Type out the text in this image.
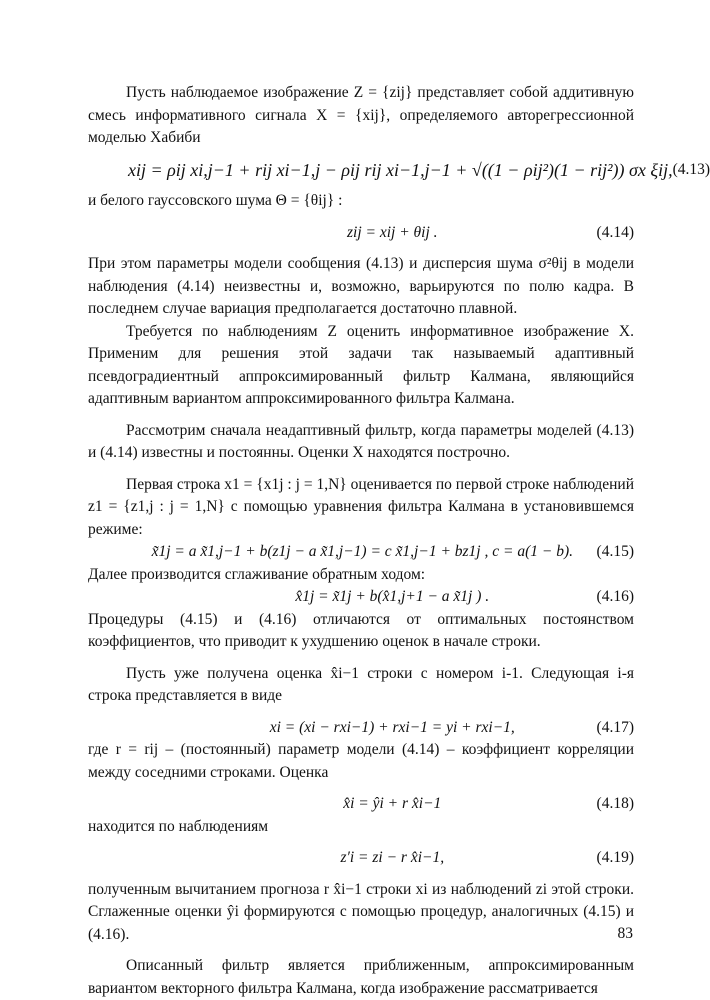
Пусть наблюдаемое изображение Z = {zij} представляет собой аддитивную смесь информативного сигнала X = {xij}, определяемого авторегрессионной моделью Хабиби

xij = ρij xi,j−1 + rij xi−1,j − ρij rij xi−1,j−1 + √((1 − ρij²)(1 − rij²)) σx ξij, (4.13)

и белого гауссовского шума Θ = {θij} :

zij = xij + θij .	(4.14)

При этом параметры модели сообщения (4.13) и дисперсия шума σ²θij в модели наблюдения (4.14) неизвестны и, возможно, варьируются по полю кадра. В последнем случае вариация предполагается достаточно плавной.

Требуется по наблюдениям Z оценить информативное изображение X. Применим для решения этой задачи так называемый адаптивный псевдоградиентный аппроксимированный фильтр Калмана, являющийся адаптивным вариантом аппроксимированного фильтра Калмана.

Рассмотрим сначала неадаптивный фильтр, когда параметры моделей (4.13) и (4.14) известны и постоянны. Оценки X находятся построчно.

Первая строка x1 = {x1j : j = 1,N} оценивается по первой строке наблюдений z1 = {z1,j : j = 1,N} с помощью уравнения фильтра Калмана в установившемся режиме:

x̃1j = a x̃1,j−1 + b(z1j − a x̃1,j−1) = c x̃1,j−1 + bz1j , c = a(1 − b).	(4.15)

Далее производится сглаживание обратным ходом:

x̂1j = x̃1j + b(x̂1,j+1 − a x̃1j ) .	(4.16)

Процедуры (4.15) и (4.16) отличаются от оптимальных постоянством коэффициентов, что приводит к ухудшению оценок в начале строки.

Пусть уже получена оценка x̂i−1 строки с номером i-1. Следующая i-я строка представляется в виде

xi = (xi − rxi−1) + rxi−1 = yi + rxi−1,	(4.17)

где r = rij – (постоянный) параметр модели (4.14) – коэффициент корреляции между соседними строками. Оценка

x̂i = ŷi + r x̂i−1	(4.18)

находится по наблюдениям

z′i = zi − r x̂i−1,	(4.19)

полученным вычитанием прогноза r x̂i−1 строки xi из наблюдений zi этой строки. Сглаженные оценки ŷi формируются с помощью процедур, аналогичных (4.15) и (4.16).

Описанный фильтр является приближенным, аппроксимированным вариантом векторного фильтра Калмана, когда изображение рассматривается

83
